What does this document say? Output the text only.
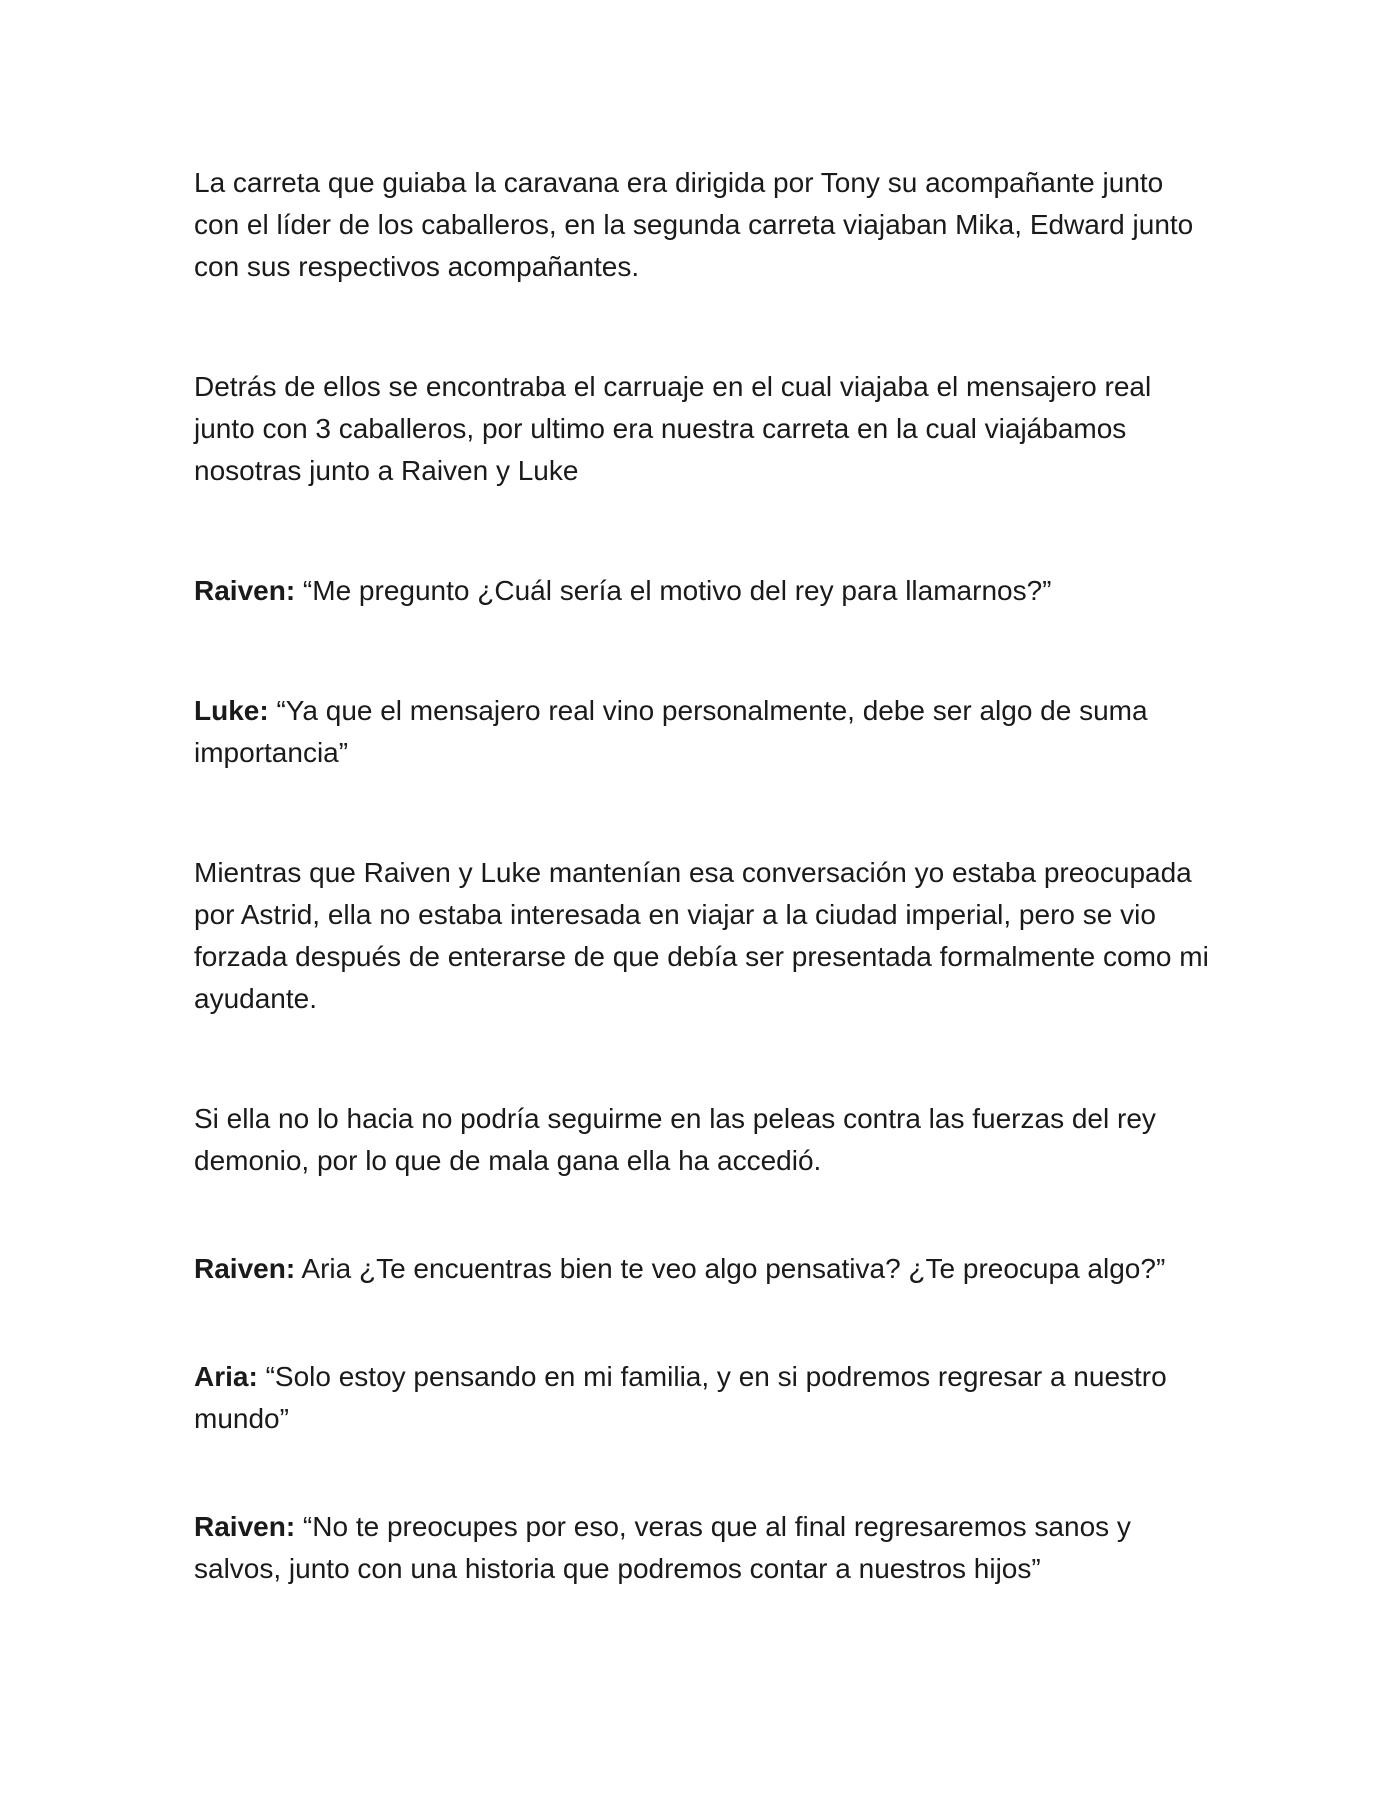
La carreta que guiaba la caravana era dirigida por Tony su acompañante junto con el líder de los caballeros, en la segunda carreta viajaban Mika, Edward junto con sus respectivos acompañantes.

Detrás de ellos se encontraba el carruaje en el cual viajaba el mensajero real junto con 3 caballeros, por ultimo era nuestra carreta en la cual viajábamos nosotras junto a Raiven y Luke

Raiven: “Me pregunto ¿Cuál sería el motivo del rey para llamarnos?”

Luke: “Ya que el mensajero real vino personalmente, debe ser algo de suma importancia”

Mientras que Raiven y Luke mantenían esa conversación yo estaba preocupada por Astrid, ella no estaba interesada en viajar a la ciudad imperial, pero se vio forzada después de enterarse de que debía ser presentada formalmente como mi ayudante.

Si ella no lo hacia no podría seguirme en las peleas contra las fuerzas del rey demonio, por lo que de mala gana ella ha accedió.

Raiven: Aria ¿Te encuentras bien te veo algo pensativa? ¿Te preocupa algo?”

Aria: “Solo estoy pensando en mi familia, y en si podremos regresar a nuestro mundo”

Raiven: “No te preocupes por eso, veras que al final regresaremos sanos y salvos, junto con una historia que podremos contar a nuestros hijos”
